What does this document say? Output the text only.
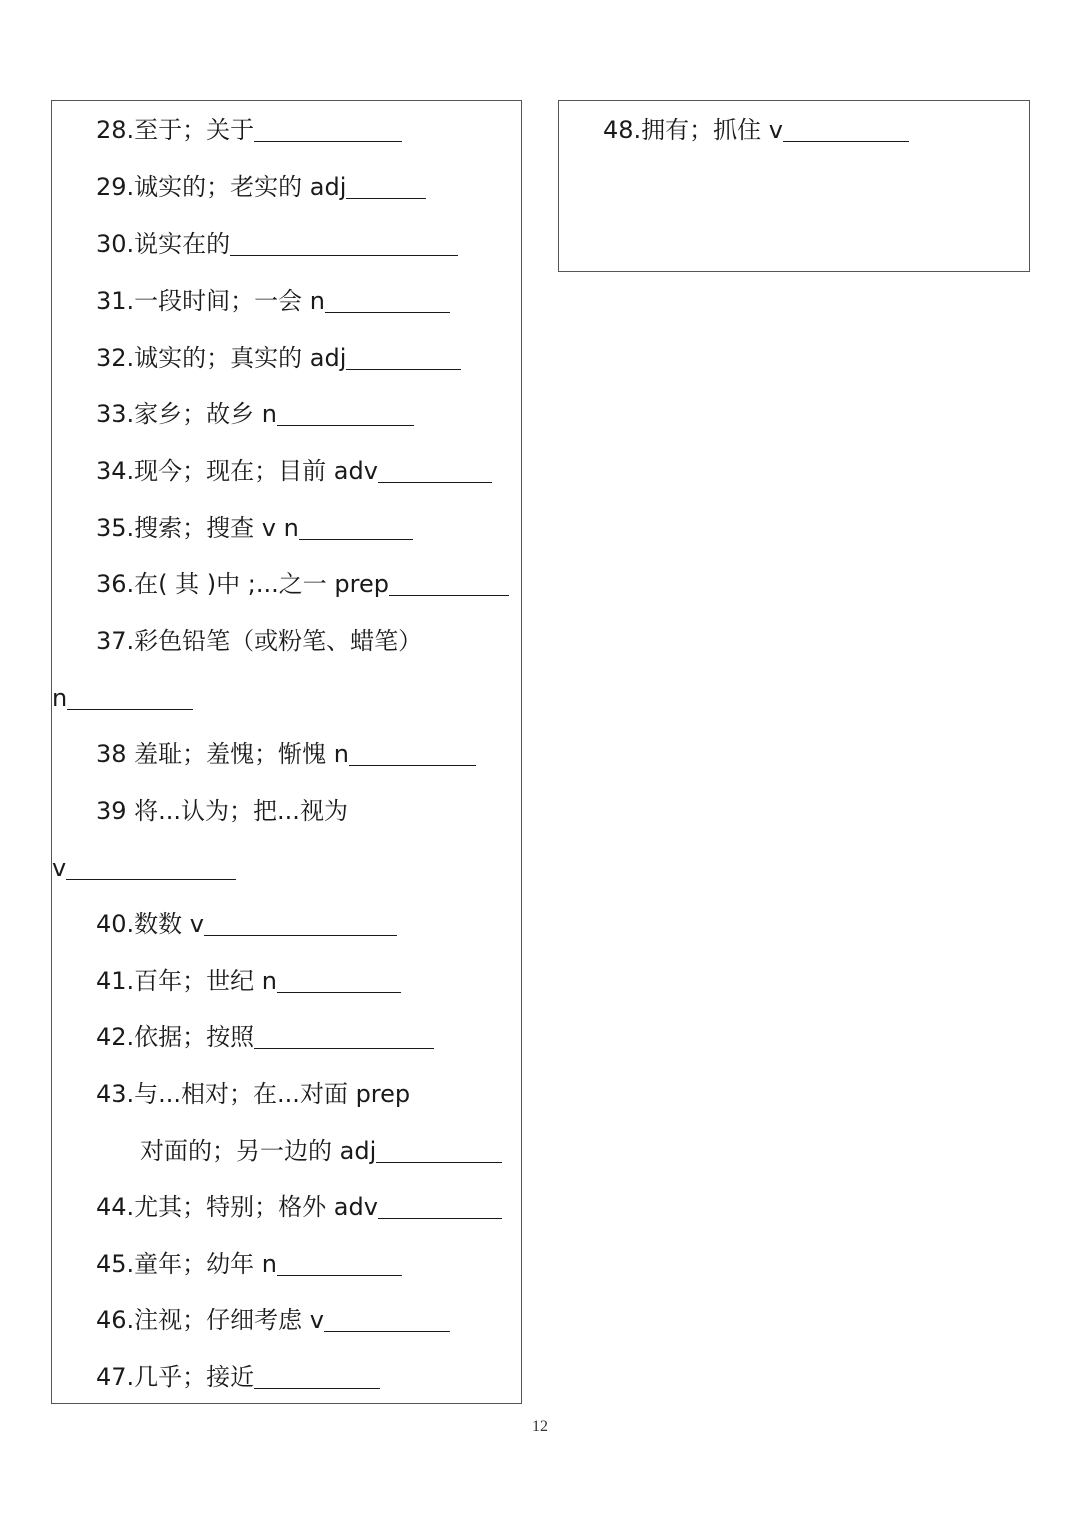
28.至于；关于
29.诚实的；老实的 adj
30.说实在的
31.一段时间；一会 n
32.诚实的；真实的 adj
33.家乡；故乡 n
34.现今；现在；目前 adv
35.搜索；搜查 v n
36.在( 其 )中 ;...之一 prep
37.彩色铅笔（或粉笔、蜡笔）
n
38 羞耻；羞愧；惭愧 n
39 将...认为；把...视为
v
40.数数 v
41.百年；世纪 n
42.依据；按照
43.与...相对；在...对面 prep
对面的；另一边的 adj
44.尤其；特别；格外 adv
45.童年；幼年 n
46.注视；仔细考虑 v
47.几乎；接近
48.拥有；抓住 v
12
